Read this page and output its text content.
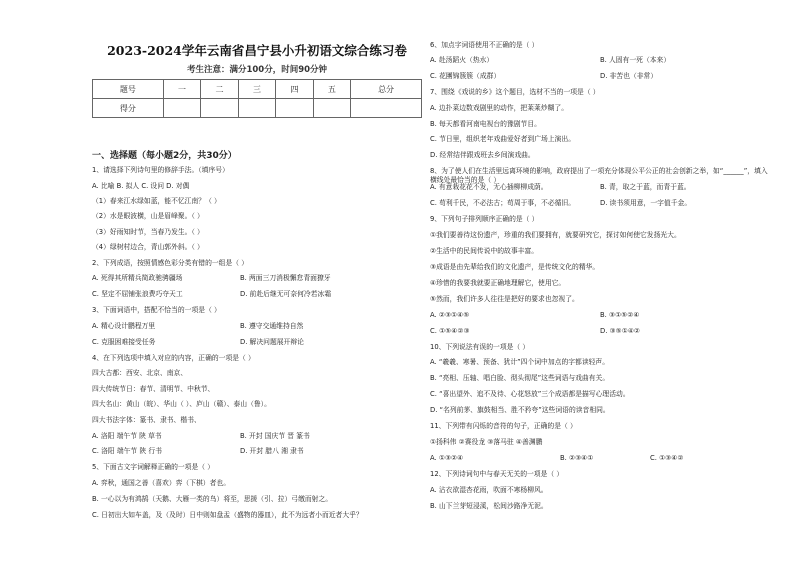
2023-2024学年云南省昌宁县小升初语文综合练习卷
考生注意：满分100分，时间90分钟
题号	一	二	三	四	五	总分
得分						
一、选择题（每小题2分，共30分）
1、请选择下列诗句里的修辞手法。（填序号）
A. 比喻 B. 拟人 C. 设问 D. 对偶
（1）春来江水绿如蓝，能不忆江南？（ ）
（2）水是眼波横，山是眉峰聚。（ ）
（3）好雨知时节，当春乃发生。（ ）
（4）绿树村边合，青山郭外斜。（ ）
2、下列成语，按照情感色彩分类有错的一组是（ ）
A. 死得其所精兵简政驰骋疆场	B. 两面三刀消极懈怠青面獠牙
C. 坚定不屈铺张浪费巧夺天工	D. 前赴后继无可奈何冷若冰霜
3、下面词语中，搭配不恰当的一项是（ ）
A. 精心设计鹏程万里	B. 遵守交通维持自然
C. 克服困难接受任务	D. 解决问题展开辩论
4、在下列选项中填入对应的内容，正确的一项是（ ）
四大古都：西安、北京、南京、
四大传统节日：春节、清明节、中秋节、
四大名山：黄山（皖）、华山（ ）、庐山（赣）、泰山（鲁）。
四大书法字体：篆书、隶书、楷书、
A. 洛阳 端午节 陕 草书	B. 开封 国庆节 晋 篆书
C. 洛阳 端午节 陕 行书	D. 开封 腊八 湘 隶书
5、下面古文字词解释正确的一项是（ ）
A. 弈秋，通国之善（喜欢）弈（下棋）者也。
B. 一心以为有鸿鹄（天鹅、大雁一类的鸟）将至，思援（引、拉）弓缴而射之。
C. 日初出大如车盖，及（及时）日中则如盘盂（盛物的器皿），此不为远者小而近者大乎？
6、加点字词语使用不正确的是（ ）
A. 赴汤蹈火（热水）	B. 人固有一死（本来）
C. 花團锦簇簇（成群）	D. 非苦也（非常）
7、围绕《戏说的乡》这个题目，选材不当的一项是（ ）
A. 边扑菜边数戏剧里的动作，把莱莱炒糊了。
B. 每天都看河南电视台的豫剧节目。
C. 节日里，组织老年戏曲爱好者到广场上演出。
D. 经常结伴跟戏班去乡间演戏曲。
8、为了使人们在生活里远离环境的影响，政府提出了一项充分体现公平公正的社会创新之举，如“______”，填入横线处最恰当的是（ ）
A. 有意栽花花不发，无心插柳柳成荫。	B. 青，取之于蓝，而青于蓝。
C. 苟利千民，不必法古；苟周于事，不必循旧。	D. 读书须用意，一字值千金。
9、下列句子排列顺序正确的是（ ）
①我们要善待这份遗产，珍重的我们要拥有，就要研究它，探讨如何使它发扬光大。
②生活中的民间传说中的故事丰富。
③成语是由先辈给我们的文化遗产，是传统文化的精华。
④珍惜的我要我就要正确地理解它，使用它。
⑤然而，我们许多人往往是把好的要求也忽视了。
A. ②③①④⑤	B. ③①⑤②④
C. ①⑤④②③	D. ③⑤①④②
10、下列说法有误的一项是（ ）
A. “羲羲、寒暑、预备、犹计”四个词中加点的字都读轻声。
B. “亮相、压轴、唱白脸、彻头彻尾”这些词语与戏曲有关。
C. “喜出望外、追不及待、心花怒放”三个成语都是描写心理活动。
D. “名列前茅、旗鼓相当、胜不矜夸”这些词语的读音相同。
11、下列带有闪烁的音符的句子，正确的是（ ）
①扬科伟 ②赛役龙 ③落马驻 ④善渊鹏
A. ①③②④	B. ②③④①	C. ①③④②
12、下列诗词句中与春天无关的一项是（ ）
A. 沾衣欲湿杏花雨，吹面不寒杨柳风。
B. 山下兰芽短浸溪，松间沙路净无泥。
